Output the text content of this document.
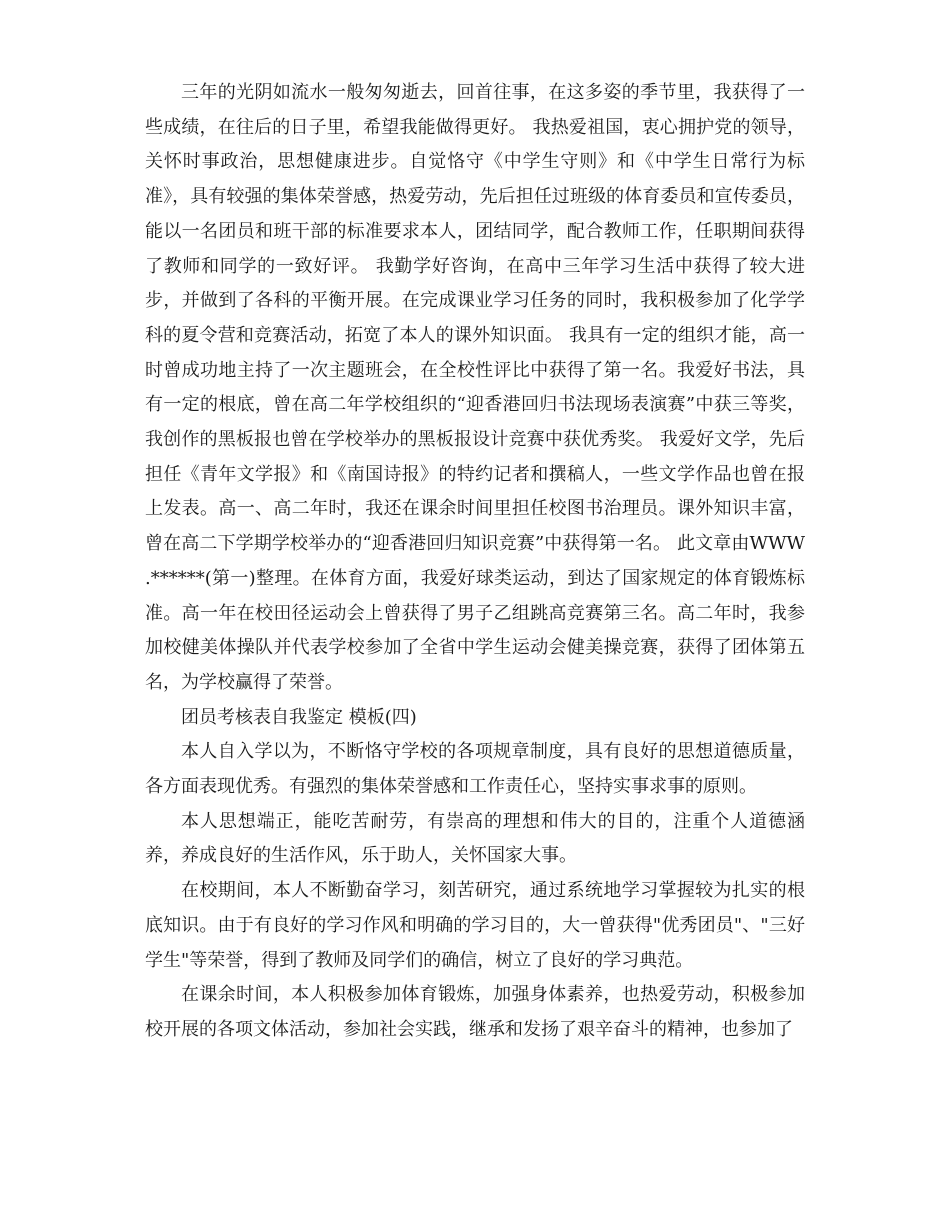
三年的光阴如流水一般匆匆逝去，回首往事，在这多姿的季节里，我获得了一些成绩，在往后的日子里，希望我能做得更好。 我热爱祖国，衷心拥护党的领导，关怀时事政治，思想健康进步。自觉恪守《中学生守则》和《中学生日常行为标准》，具有较强的集体荣誉感，热爱劳动，先后担任过班级的体育委员和宣传委员，能以一名团员和班干部的标准要求本人，团结同学，配合教师工作，任职期间获得了教师和同学的一致好评。 我勤学好咨询，在高中三年学习生活中获得了较大进步，并做到了各科的平衡开展。在完成课业学习任务的同时，我积极参加了化学学科的夏令营和竞赛活动，拓宽了本人的课外知识面。 我具有一定的组织才能，高一时曾成功地主持了一次主题班会，在全校性评比中获得了第一名。我爱好书法，具有一定的根底，曾在高二年学校组织的“迎香港回归书法现场表演赛”中获三等奖，我创作的黑板报也曾在学校举办的黑板报设计竞赛中获优秀奖。 我爱好文学，先后担任《青年文学报》和《南国诗报》的特约记者和撰稿人，一些文学作品也曾在报上发表。高一、高二年时，我还在课余时间里担任校图书治理员。课外知识丰富，曾在高二下学期学校举办的“迎香港回归知识竞赛”中获得第一名。 此文章由WWW .******(第一)整理。在体育方面，我爱好球类运动，到达了国家规定的体育锻炼标准。高一年在校田径运动会上曾获得了男子乙组跳高竞赛第三名。高二年时，我参加校健美体操队并代表学校参加了全省中学生运动会健美操竞赛，获得了团体第五名，为学校赢得了荣誉。

团员考核表自我鉴定 模板(四)

本人自入学以为，不断恪守学校的各项规章制度，具有良好的思想道德质量，各方面表现优秀。有强烈的集体荣誉感和工作责任心，坚持实事求事的原则。

本人思想端正，能吃苦耐劳，有崇高的理想和伟大的目的，注重个人道德涵养，养成良好的生活作风，乐于助人，关怀国家大事。

在校期间，本人不断勤奋学习，刻苦研究，通过系统地学习掌握较为扎实的根底知识。由于有良好的学习作风和明确的学习目的，大一曾获得"优秀团员"、"三好学生"等荣誉，得到了教师及同学们的确信，树立了良好的学习典范。

在课余时间，本人积极参加体育锻炼，加强身体素养，也热爱劳动，积极参加校开展的各项文体活动，参加社会实践，继承和发扬了艰辛奋斗的精神，也参加了
